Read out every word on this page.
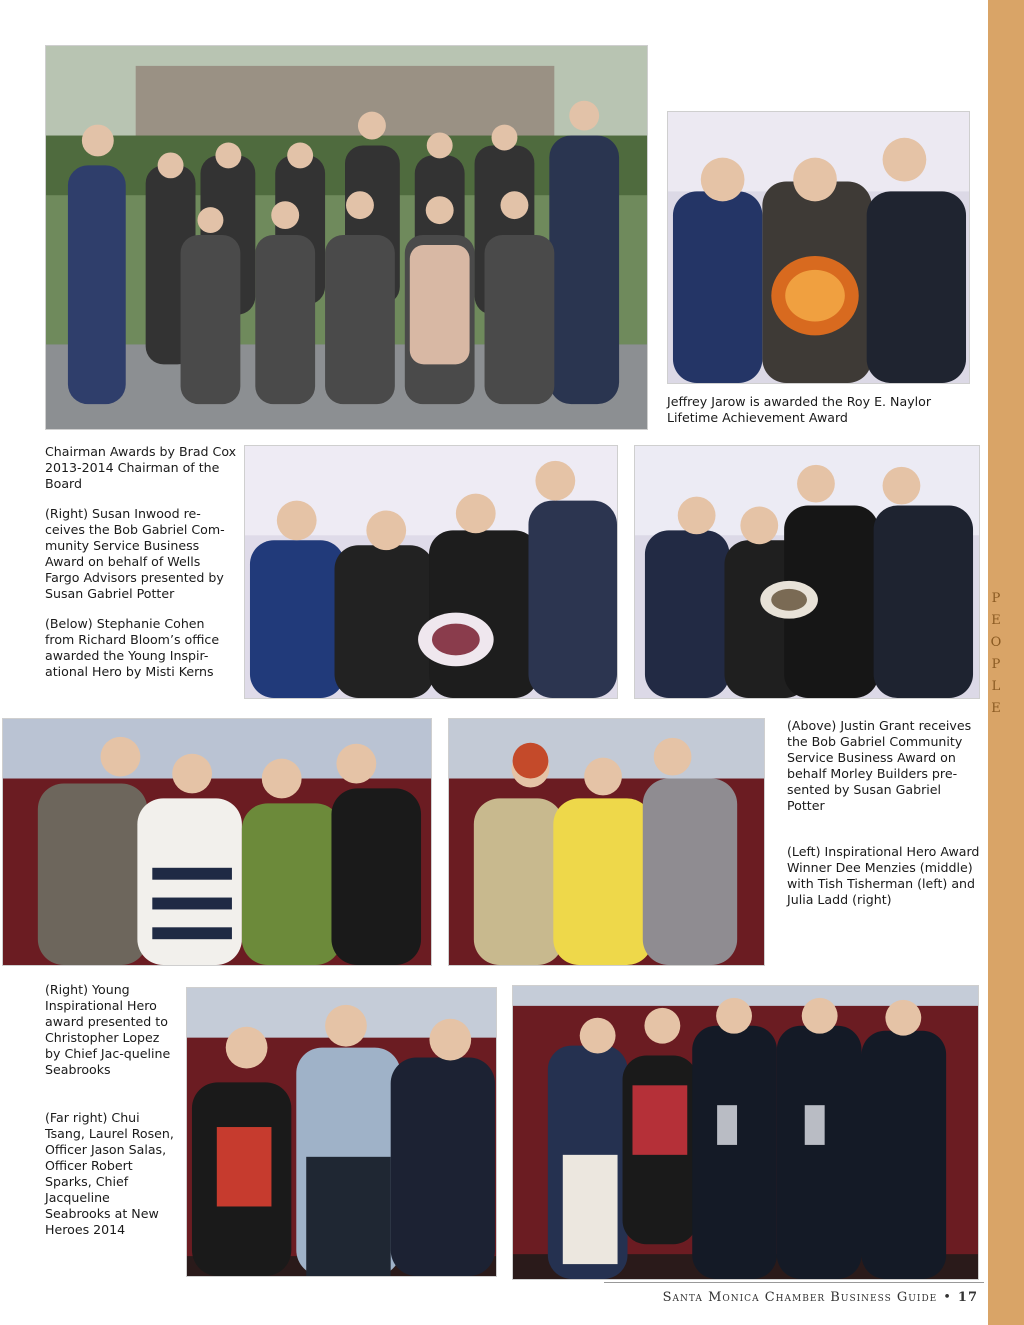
P
E
O
P
L
E
Jeffrey Jarow is awarded the Roy E. Naylor Lifetime Achievement Award

Chairman Awards by Brad Cox 2013-2014 Chairman of the Board

(Right) Susan Inwood re-ceives the Bob Gabriel Com-munity Service Business Award on behalf of Wells Fargo Advisors presented by Susan Gabriel Potter

(Below) Stephanie Cohen from Richard Bloom’s office awarded the Young Inspir-ational Hero by Misti Kerns

(Above) Justin Grant receives the Bob Gabriel Community Service Business Award on behalf Morley Builders pre-sented by Susan Gabriel Potter

(Left) Inspirational Hero Award Winner Dee Menzies (middle) with Tish Tisherman (left) and Julia Ladd (right)

(Right) Young Inspirational Hero award presented to Christopher Lopez by Chief Jac-queline Seabrooks

(Far right) Chui Tsang, Laurel Rosen, Officer Jason Salas, Officer Robert Sparks, Chief Jacqueline Seabrooks at New Heroes 2014

Santa Monica Chamber Business Guide • 17
